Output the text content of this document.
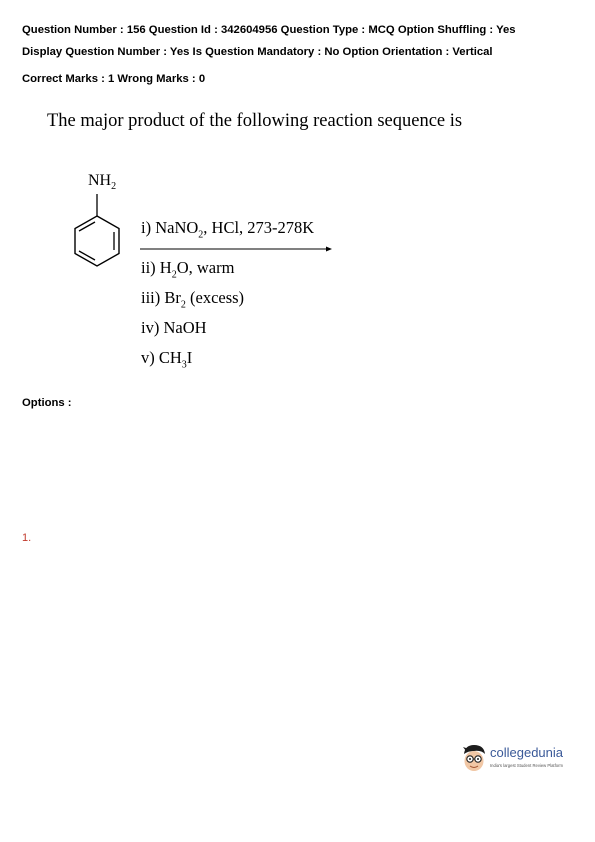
Question Number : 156 Question Id : 342604956 Question Type : MCQ Option Shuffling : Yes
Display Question Number : Yes Is Question Mandatory : No Option Orientation : Vertical
Correct Marks : 1 Wrong Marks : 0
The major product of the following reaction sequence is
$NH_2$
i) NaNO$_2$, HCl, 273-278K
ii) $H_2O$, warm
iii) $Br_2$ (excess)
iv) NaOH
v) $CH_3I$
Options :
1.
collegedunia
India's largest Student Review Platform
